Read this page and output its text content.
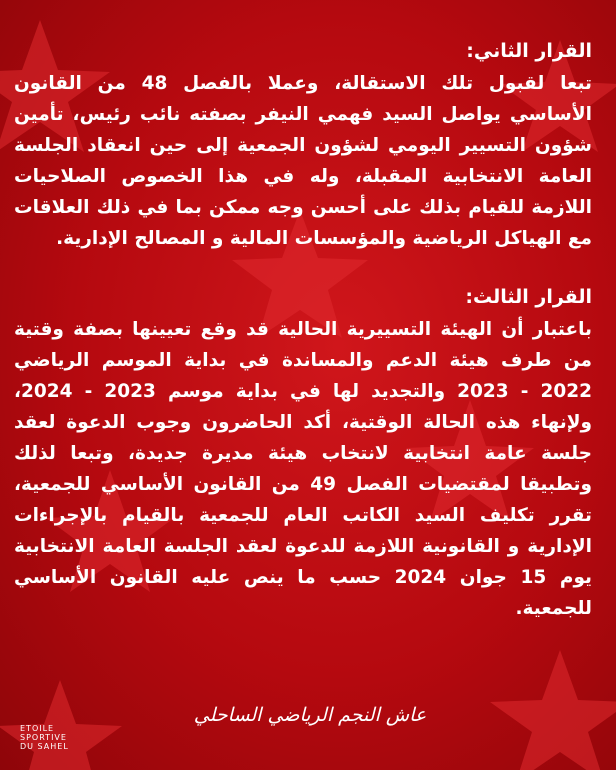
القرار الثاني:

تبعا لقبول تلك الاستقالة، وعملا بالفصل 48 من القانون الأساسي يواصل السيد فهمي النيفر بصفته نائب رئيس، تأمين شؤون التسيير اليومي لشؤون الجمعية إلى حين انعقاد الجلسة العامة الانتخابية المقبلة، وله في هذا الخصوص الصلاحيات اللازمة للقيام بذلك على أحسن وجه ممكن بما في ذلك العلاقات مع الهياكل الرياضية والمؤسسات المالية و المصالح الإدارية.

القرار الثالث:

باعتبار أن الهيئة التسييرية الحالية قد وقع تعيينها بصفة وقتية من طرف هيئة الدعم والمساندة في بداية الموسم الرياضي 2022 - 2023 والتجديد لها في بداية موسم 2023 - 2024، ولإنهاء هذه الحالة الوقتية، أكد الحاضرون وجوب الدعوة لعقد جلسة عامة انتخابية لانتخاب هيئة مديرة جديدة، وتبعا لذلك وتطبيقا لمقتضيات الفصل 49 من القانون الأساسي للجمعية، تقرر تكليف السيد الكاتب العام للجمعية بالقيام بالإجراءات الإدارية و القانونية اللازمة للدعوة لعقد الجلسة العامة الانتخابية يوم 15 جوان 2024 حسب ما ينص عليه القانون الأساسي للجمعية.

عاش النجم الرياضي الساحلي
ETOILE
SPORTIVE
DU SAHEL
